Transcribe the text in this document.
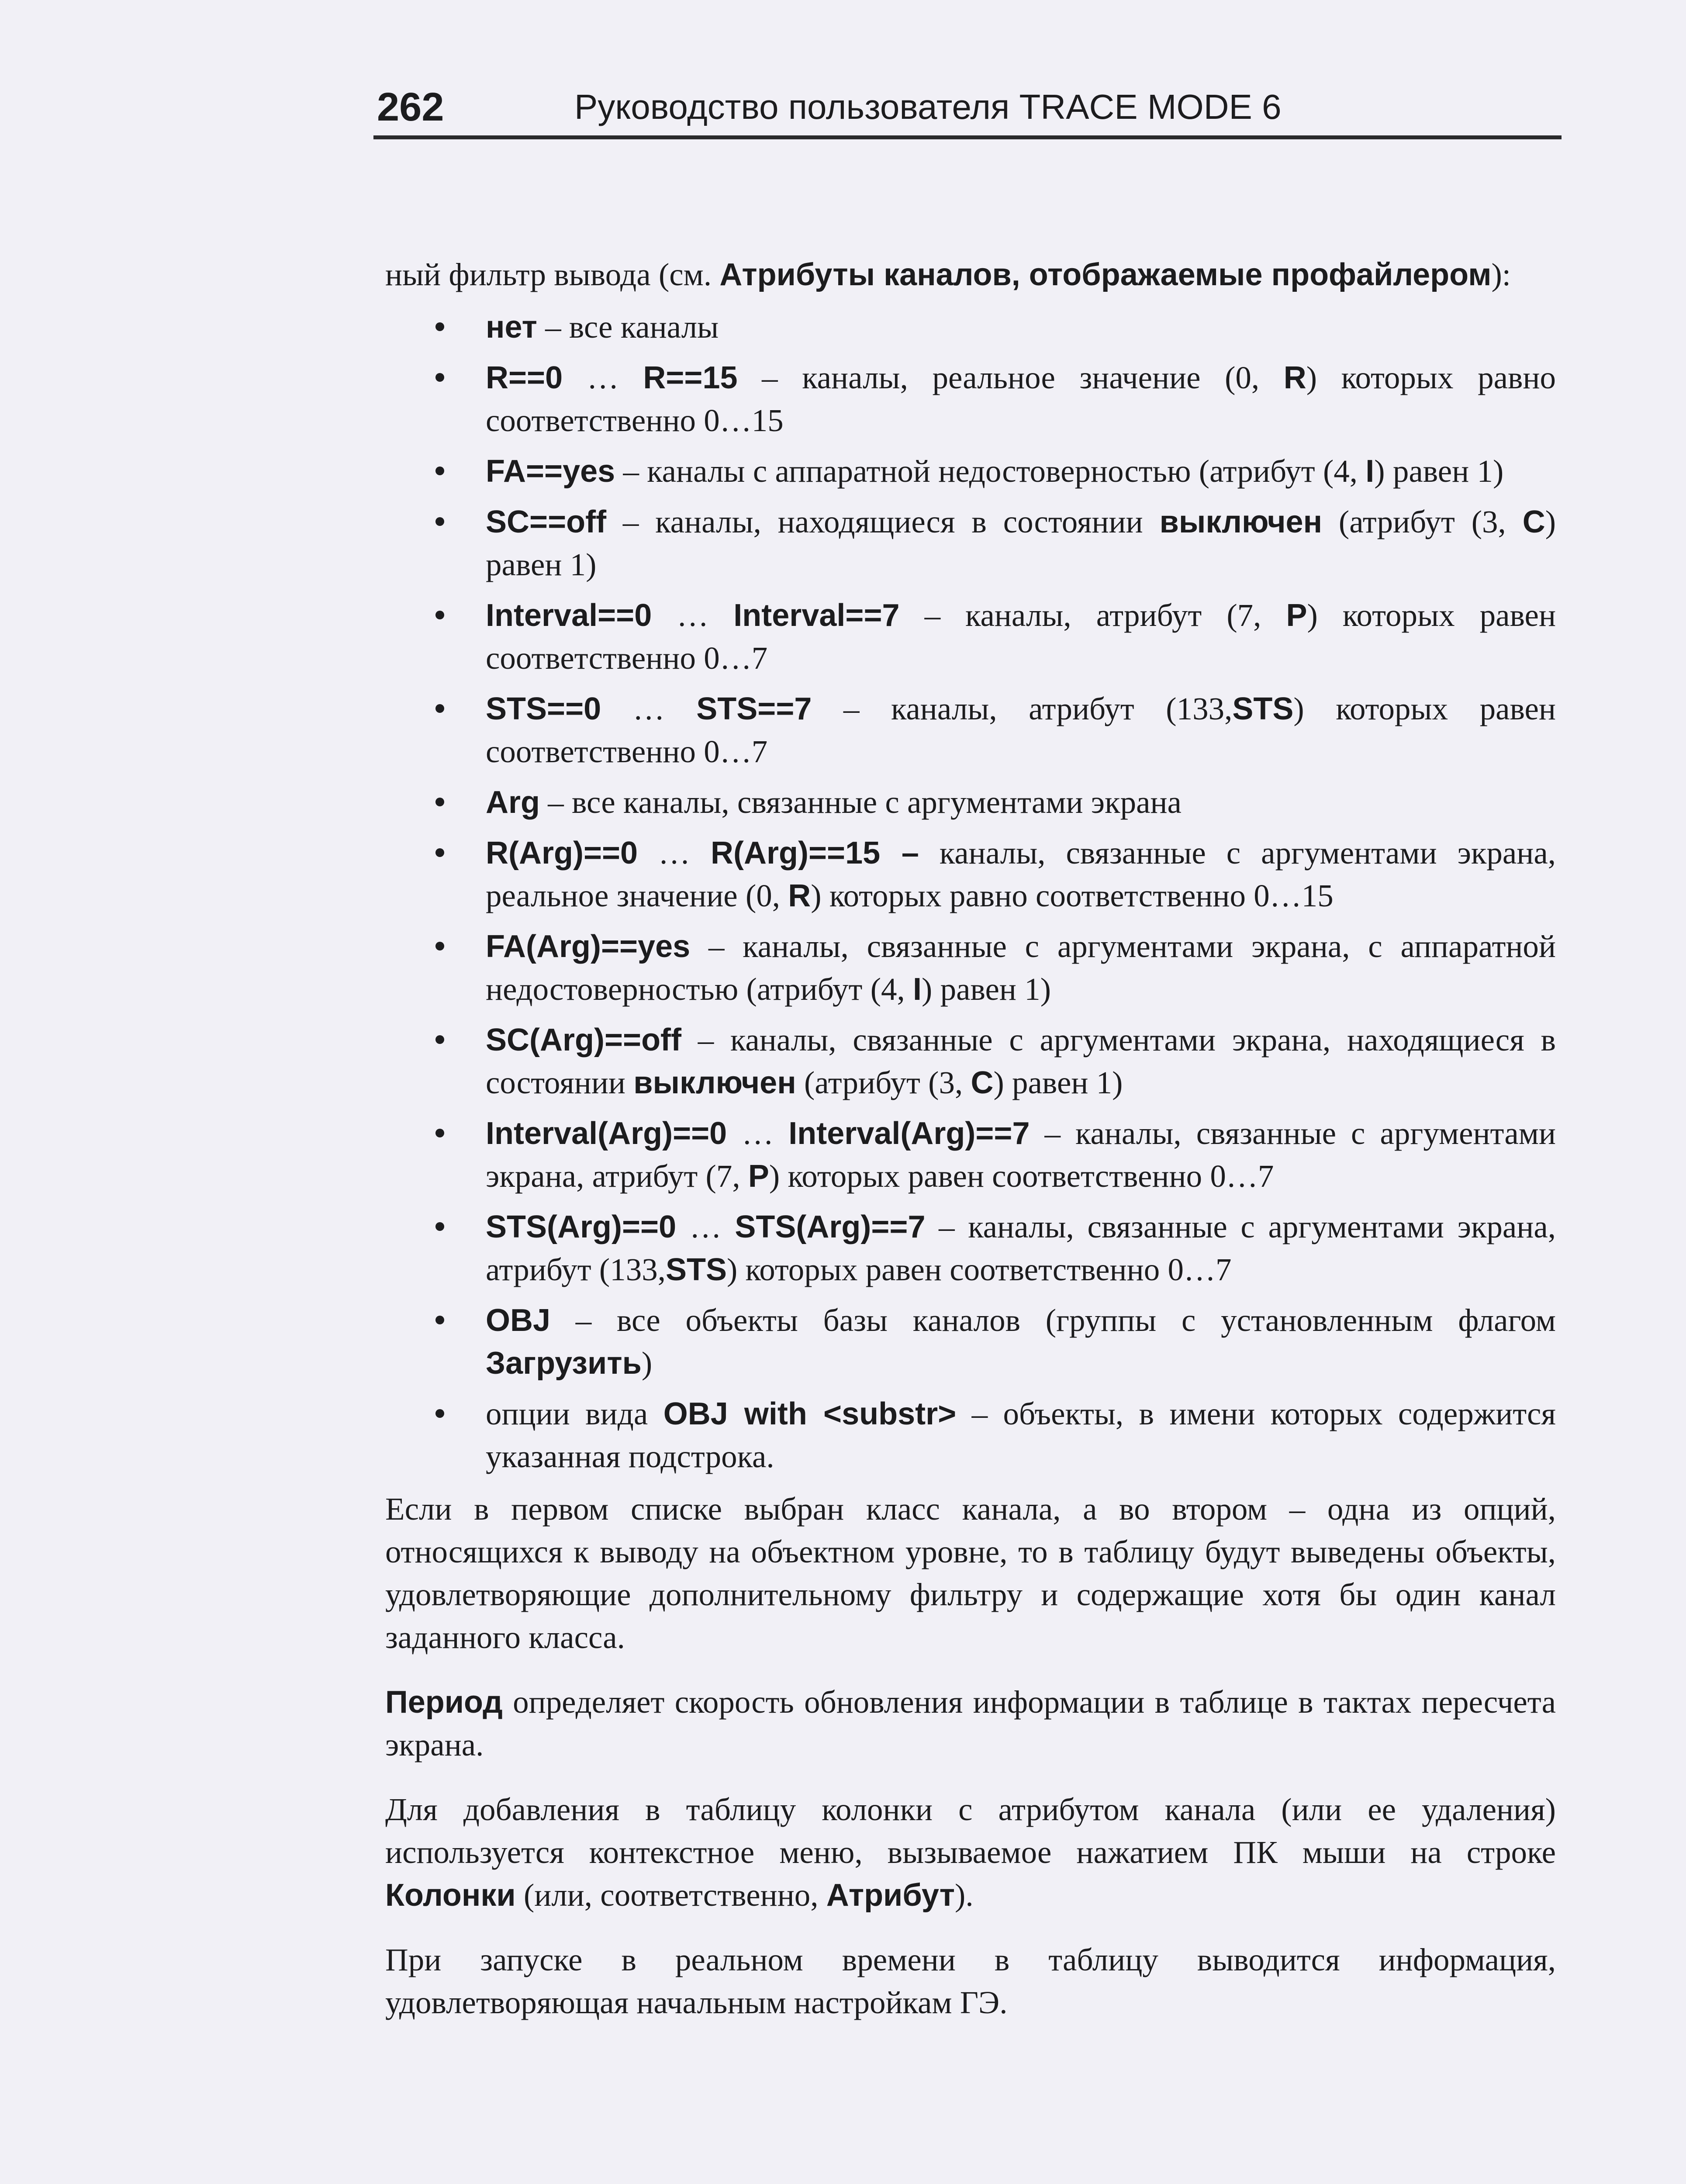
262	Руководство пользователя TRACE MODE 6

ный фильтр вывода (см. Атрибуты каналов, отображаемые профайлером):

нет – все каналы
R==0 … R==15 – каналы, реальное значение (0, R) которых равно соответственно 0…15
FA==yes – каналы с аппаратной недостоверностью (атрибут (4, I) равен 1)
SC==off – каналы, находящиеся в состоянии выключен (атрибут (3, C) равен 1)
Interval==0 … Interval==7 – каналы, атрибут (7, P) которых равен соответственно 0…7
STS==0 … STS==7 – каналы, атрибут (133,STS) которых равен соответственно 0…7
Arg – все каналы, связанные с аргументами экрана
R(Arg)==0 … R(Arg)==15 – каналы, связанные с аргументами экрана, реальное значение (0, R) которых равно соответственно 0…15
FA(Arg)==yes – каналы, связанные с аргументами экрана, с аппаратной недостоверностью (атрибут (4, I) равен 1)
SC(Arg)==off – каналы, связанные с аргументами экрана, находящиеся в состоянии выключен (атрибут (3, C) равен 1)
Interval(Arg)==0 … Interval(Arg)==7 – каналы, связанные с аргументами экрана, атрибут (7, P) которых равен соответственно 0…7
STS(Arg)==0 … STS(Arg)==7 – каналы, связанные с аргументами экрана, атрибут (133,STS) которых равен соответственно 0…7
OBJ – все объекты базы каналов (группы с установленным флагом Загрузить)
опции вида OBJ with <substr> – объекты, в имени которых содержится указанная подстрока.

Если в первом списке выбран класс канала, а во втором – одна из опций, относящихся к выводу на объектном уровне, то в таблицу будут выведены объекты, удовлетворяющие дополнительному фильтру и содержащие хотя бы один канал заданного класса.

Период определяет скорость обновления информации в таблице в тактах пересчета экрана.

Для добавления в таблицу колонки с атрибутом канала (или ее удаления) используется контекстное меню, вызываемое нажатием ПК мыши на строке Колонки (или, соответственно, Атрибут).

При запуске в реальном времени в таблицу выводится информация, удовлетворяющая начальным настройкам ГЭ.
